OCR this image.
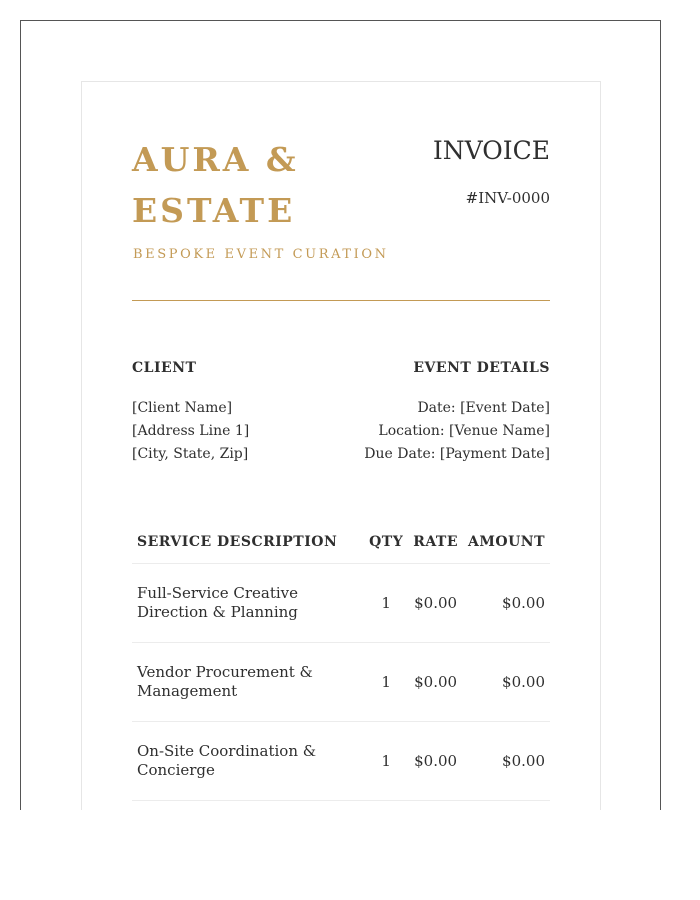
AURA & ESTATE

BESPOKE EVENT CURATION

INVOICE

#INV-0000

CLIENT

[Client Name]

[Address Line 1]

[City, State, Zip]

EVENT DETAILS

Date: [Event Date]

Location: [Venue Name]

Due Date: [Payment Date]

SERVICE DESCRIPTION	QTY	RATE	AMOUNT

Full-Service Creative Direction & Planning	1	$0.00	$0.00

Vendor Procurement & Management	1	$0.00	$0.00

On-Site Coordination & Concierge	1	$0.00	$0.00
